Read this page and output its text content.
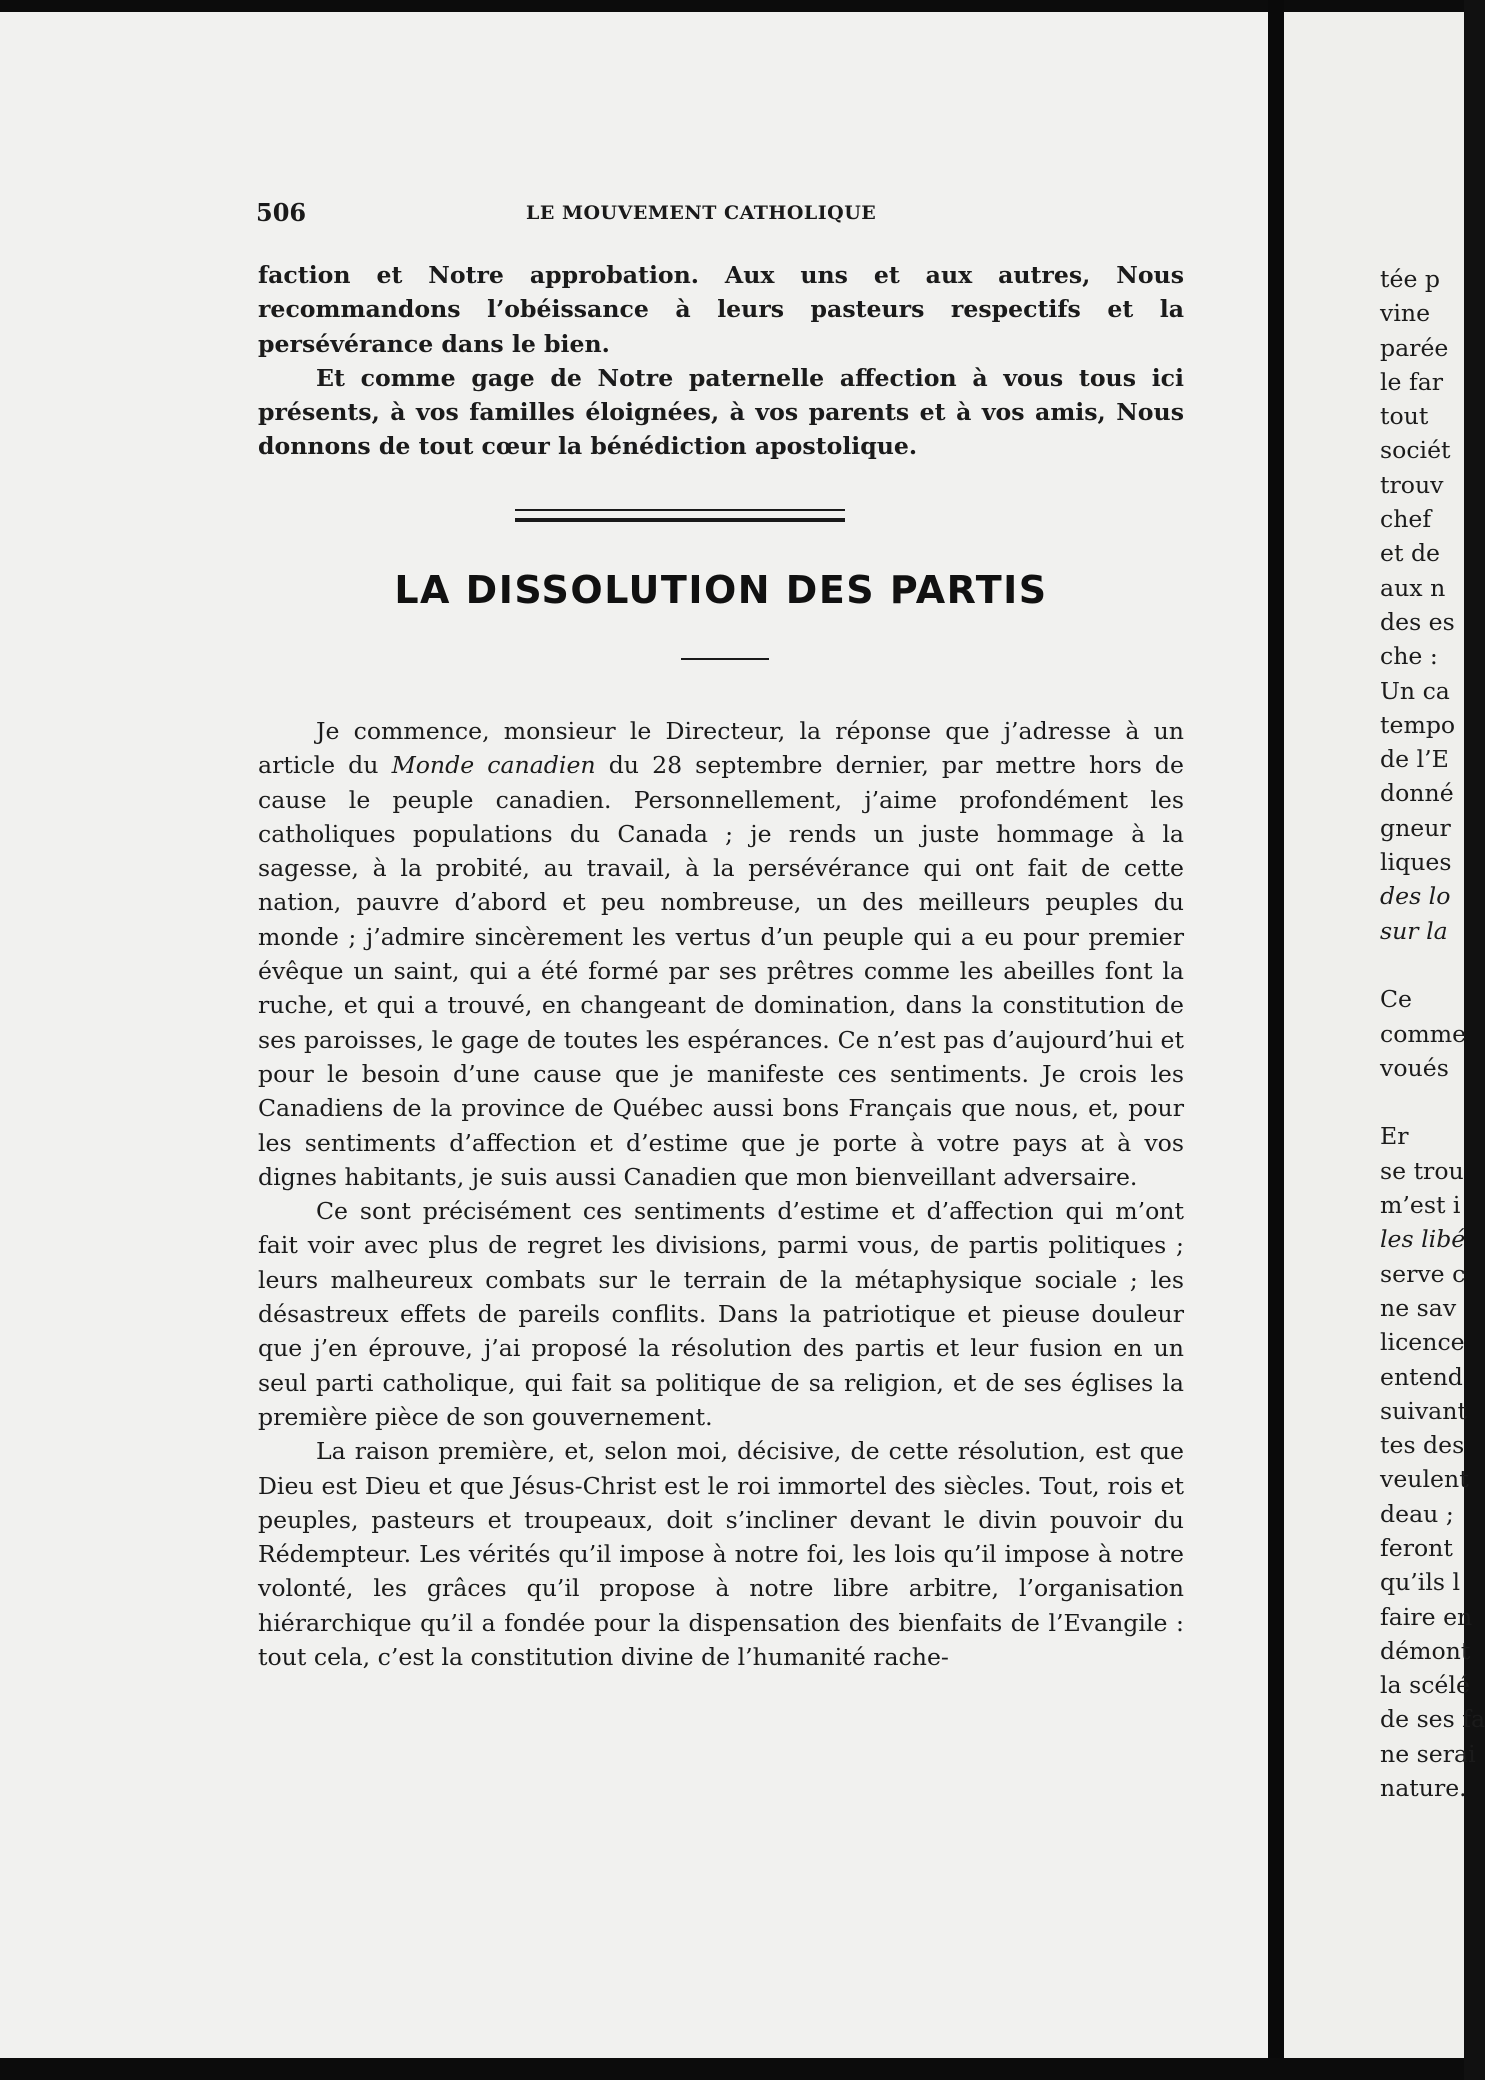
506	LE MOUVEMENT CATHOLIQUE

faction et Notre approbation. Aux uns et aux autres, Nous recommandons l’obéissance à leurs pasteurs respectifs et la persévérance dans le bien.

Et comme gage de Notre paternelle affection à vous tous ici présents, à vos familles éloignées, à vos parents et à vos amis, Nous donnons de tout cœur la bénédiction apostolique.

LA DISSOLUTION DES PARTIS

Je commence, monsieur le Directeur, la réponse que j’adresse à un article du Monde canadien du 28 septembre dernier, par mettre hors de cause le peuple canadien. Personnellement, j’aime profondément les catholiques populations du Canada ; je rends un juste hommage à la sagesse, à la probité, au travail, à la persévérance qui ont fait de cette nation, pauvre d’abord et peu nombreuse, un des meilleurs peuples du monde ; j’admire sincèrement les vertus d’un peuple qui a eu pour premier évêque un saint, qui a été formé par ses prêtres comme les abeilles font la ruche, et qui a trouvé, en changeant de domination, dans la constitution de ses paroisses, le gage de toutes les espérances. Ce n’est pas d’aujourd’hui et pour le besoin d’une cause que je manifeste ces sentiments. Je crois les Canadiens de la province de Québec aussi bons Français que nous, et, pour les sentiments d’affection et d’estime que je porte à votre pays at à vos dignes habitants, je suis aussi Canadien que mon bienveillant adversaire.

Ce sont précisément ces sentiments d’estime et d’affection qui m’ont fait voir avec plus de regret les divisions, parmi vous, de partis politiques ; leurs malheureux combats sur le terrain de la métaphysique sociale ; les désastreux effets de pareils conflits. Dans la patriotique et pieuse douleur que j’en éprouve, j’ai proposé la résolution des partis et leur fusion en un seul parti catholique, qui fait sa politique de sa religion, et de ses églises la première pièce de son gouvernement.

La raison première, et, selon moi, décisive, de cette résolution, est que Dieu est Dieu et que Jésus-Christ est le roi immortel des siècles. Tout, rois et peuples, pasteurs et troupeaux, doit s’incliner devant le divin pouvoir du Rédempteur. Les vérités qu’il impose à notre foi, les lois qu’il impose à notre volonté, les grâces qu’il propose à notre libre arbitre, l’organisation hiérarchique qu’il a fondée pour la dispensation des bienfaits de l’Evangile : tout cela, c’est la constitution divine de l’humanité rache-

tée p
vine
parée
le far
tout
sociét
trouv
chef
et de
aux n
des es
che :
Un ca
tempo
de l’E
donné
gneur
liques
des lo
sur la
Ce
comme
voués
Er
se trou
m’est i
les libé
serve c
ne sav
licence
entend
suivant
tes des
veulent
deau ;
feront
qu’ils l
faire en
démont
la scélé
de ses fa
ne serai
nature.
